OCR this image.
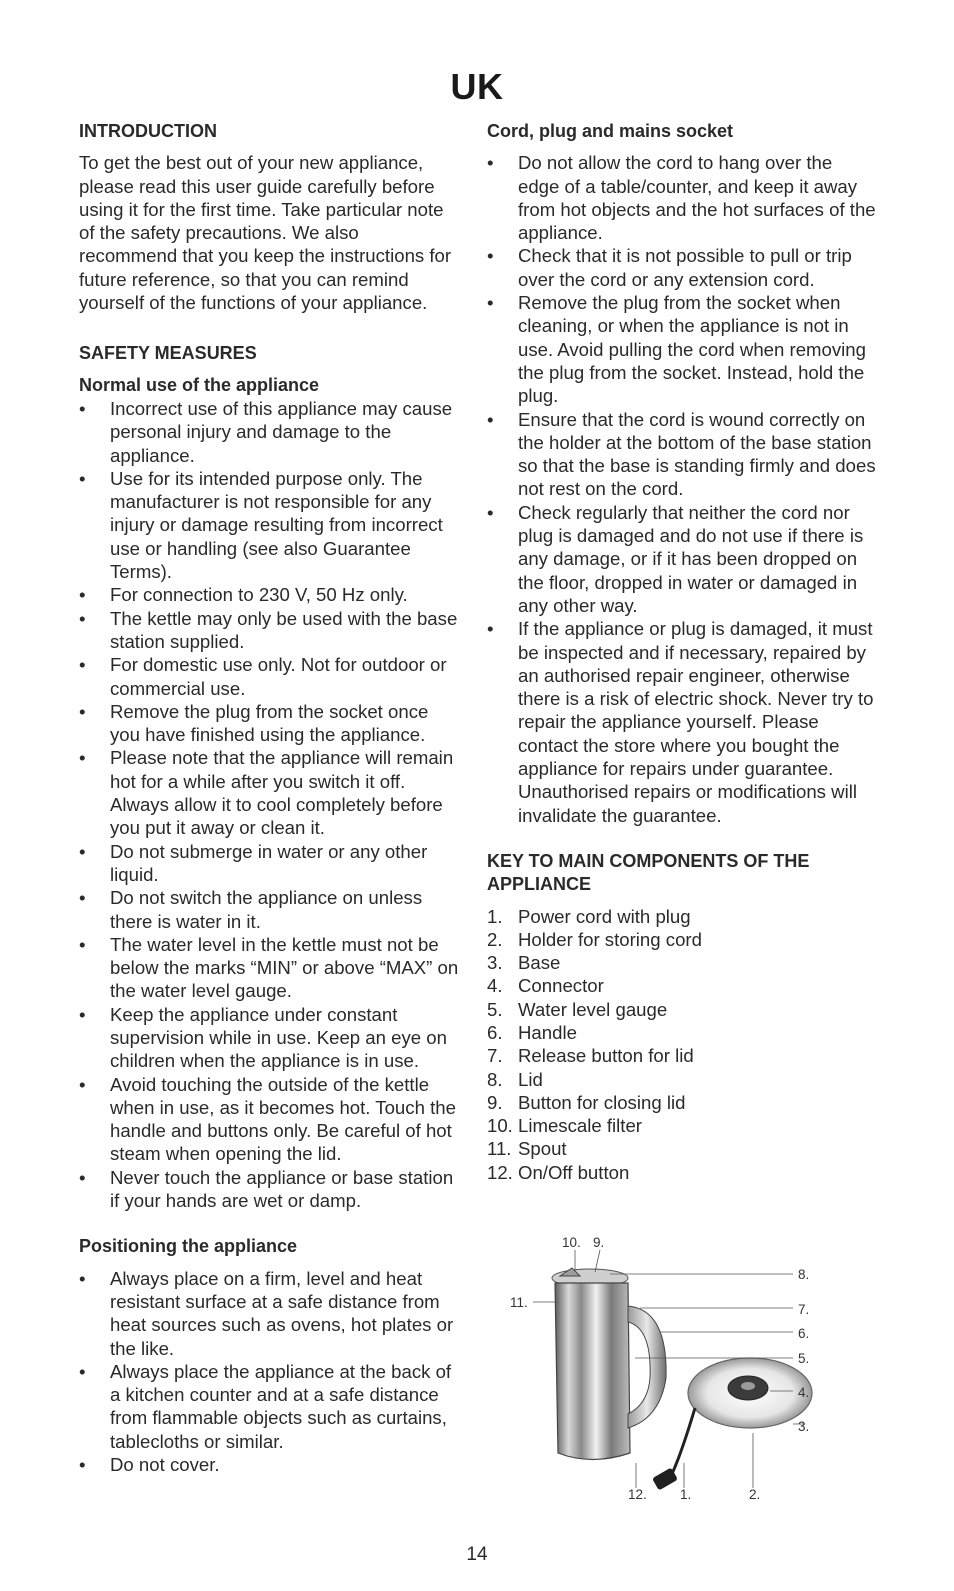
UK
INTRODUCTION

To get the best out of your new appliance, please read this user guide carefully before using it for the first time. Take particular note of the safety precautions. We also recommend that you keep the instructions for future reference, so that you can remind yourself of the functions of your appliance.

SAFETY MEASURES
Normal use of the appliance
• Incorrect use of this appliance may cause personal injury and damage to the appliance.
• Use for its intended purpose only. The manufacturer is not responsible for any injury or damage resulting from incorrect use or handling (see also Guarantee Terms).
• For connection to 230 V, 50 Hz only.
• The kettle may only be used with the base station supplied.
• For domestic use only. Not for outdoor or commercial use.
• Remove the plug from the socket once you have finished using the appliance.
• Please note that the appliance will remain hot for a while after you switch it off. Always allow it to cool completely before you put it away or clean it.
• Do not submerge in water or any other liquid.
• Do not switch the appliance on unless there is water in it.
• The water level in the kettle must not be below the marks “MIN” or above “MAX” on the water level gauge.
• Keep the appliance under constant supervision while in use. Keep an eye on children when the appliance is in use.
• Avoid touching the outside of the kettle when in use, as it becomes hot. Touch the handle and buttons only. Be careful of hot steam when opening the lid.
• Never touch the appliance or base station if your hands are wet or damp.
Positioning the appliance
• Always place on a firm, level and heat resistant surface at a safe distance from heat sources such as ovens, hot plates or the like.
• Always place the appliance at the back of a kitchen counter and at a safe distance from flammable objects such as curtains, tablecloths or similar.
• Do not cover.
Cord, plug and mains socket
• Do not allow the cord to hang over the edge of a table/counter, and keep it away from hot objects and the hot surfaces of the appliance.
• Check that it is not possible to pull or trip over the cord or any extension cord.
• Remove the plug from the socket when cleaning, or when the appliance is not in use. Avoid pulling the cord when removing the plug from the socket. Instead, hold the plug.
• Ensure that the cord is wound correctly on the holder at the bottom of the base station so that the base is standing firmly and does not rest on the cord.
• Check regularly that neither the cord nor plug is damaged and do not use if there is any damage, or if it has been dropped on the floor, dropped in water or damaged in any other way.
• If the appliance or plug is damaged, it must be inspected and if necessary, repaired by an authorised repair engineer, otherwise there is a risk of electric shock. Never try to repair the appliance yourself. Please contact the store where you bought the appliance for repairs under guarantee. Unauthorised repairs or modifications will invalidate the guarantee.
KEY TO MAIN COMPONENTS OF THE APPLIANCE
1. Power cord with plug
2. Holder for storing cord
3. Base
4. Connector
5. Water level gauge
6. Handle
7. Release button for lid
8. Lid
9. Button for closing lid
10. Limescale filter
11. Spout
12. On/Off button
10. 9.
8.
11.	7.
6.
5.
4.
3.
12. 1.	2.
14
